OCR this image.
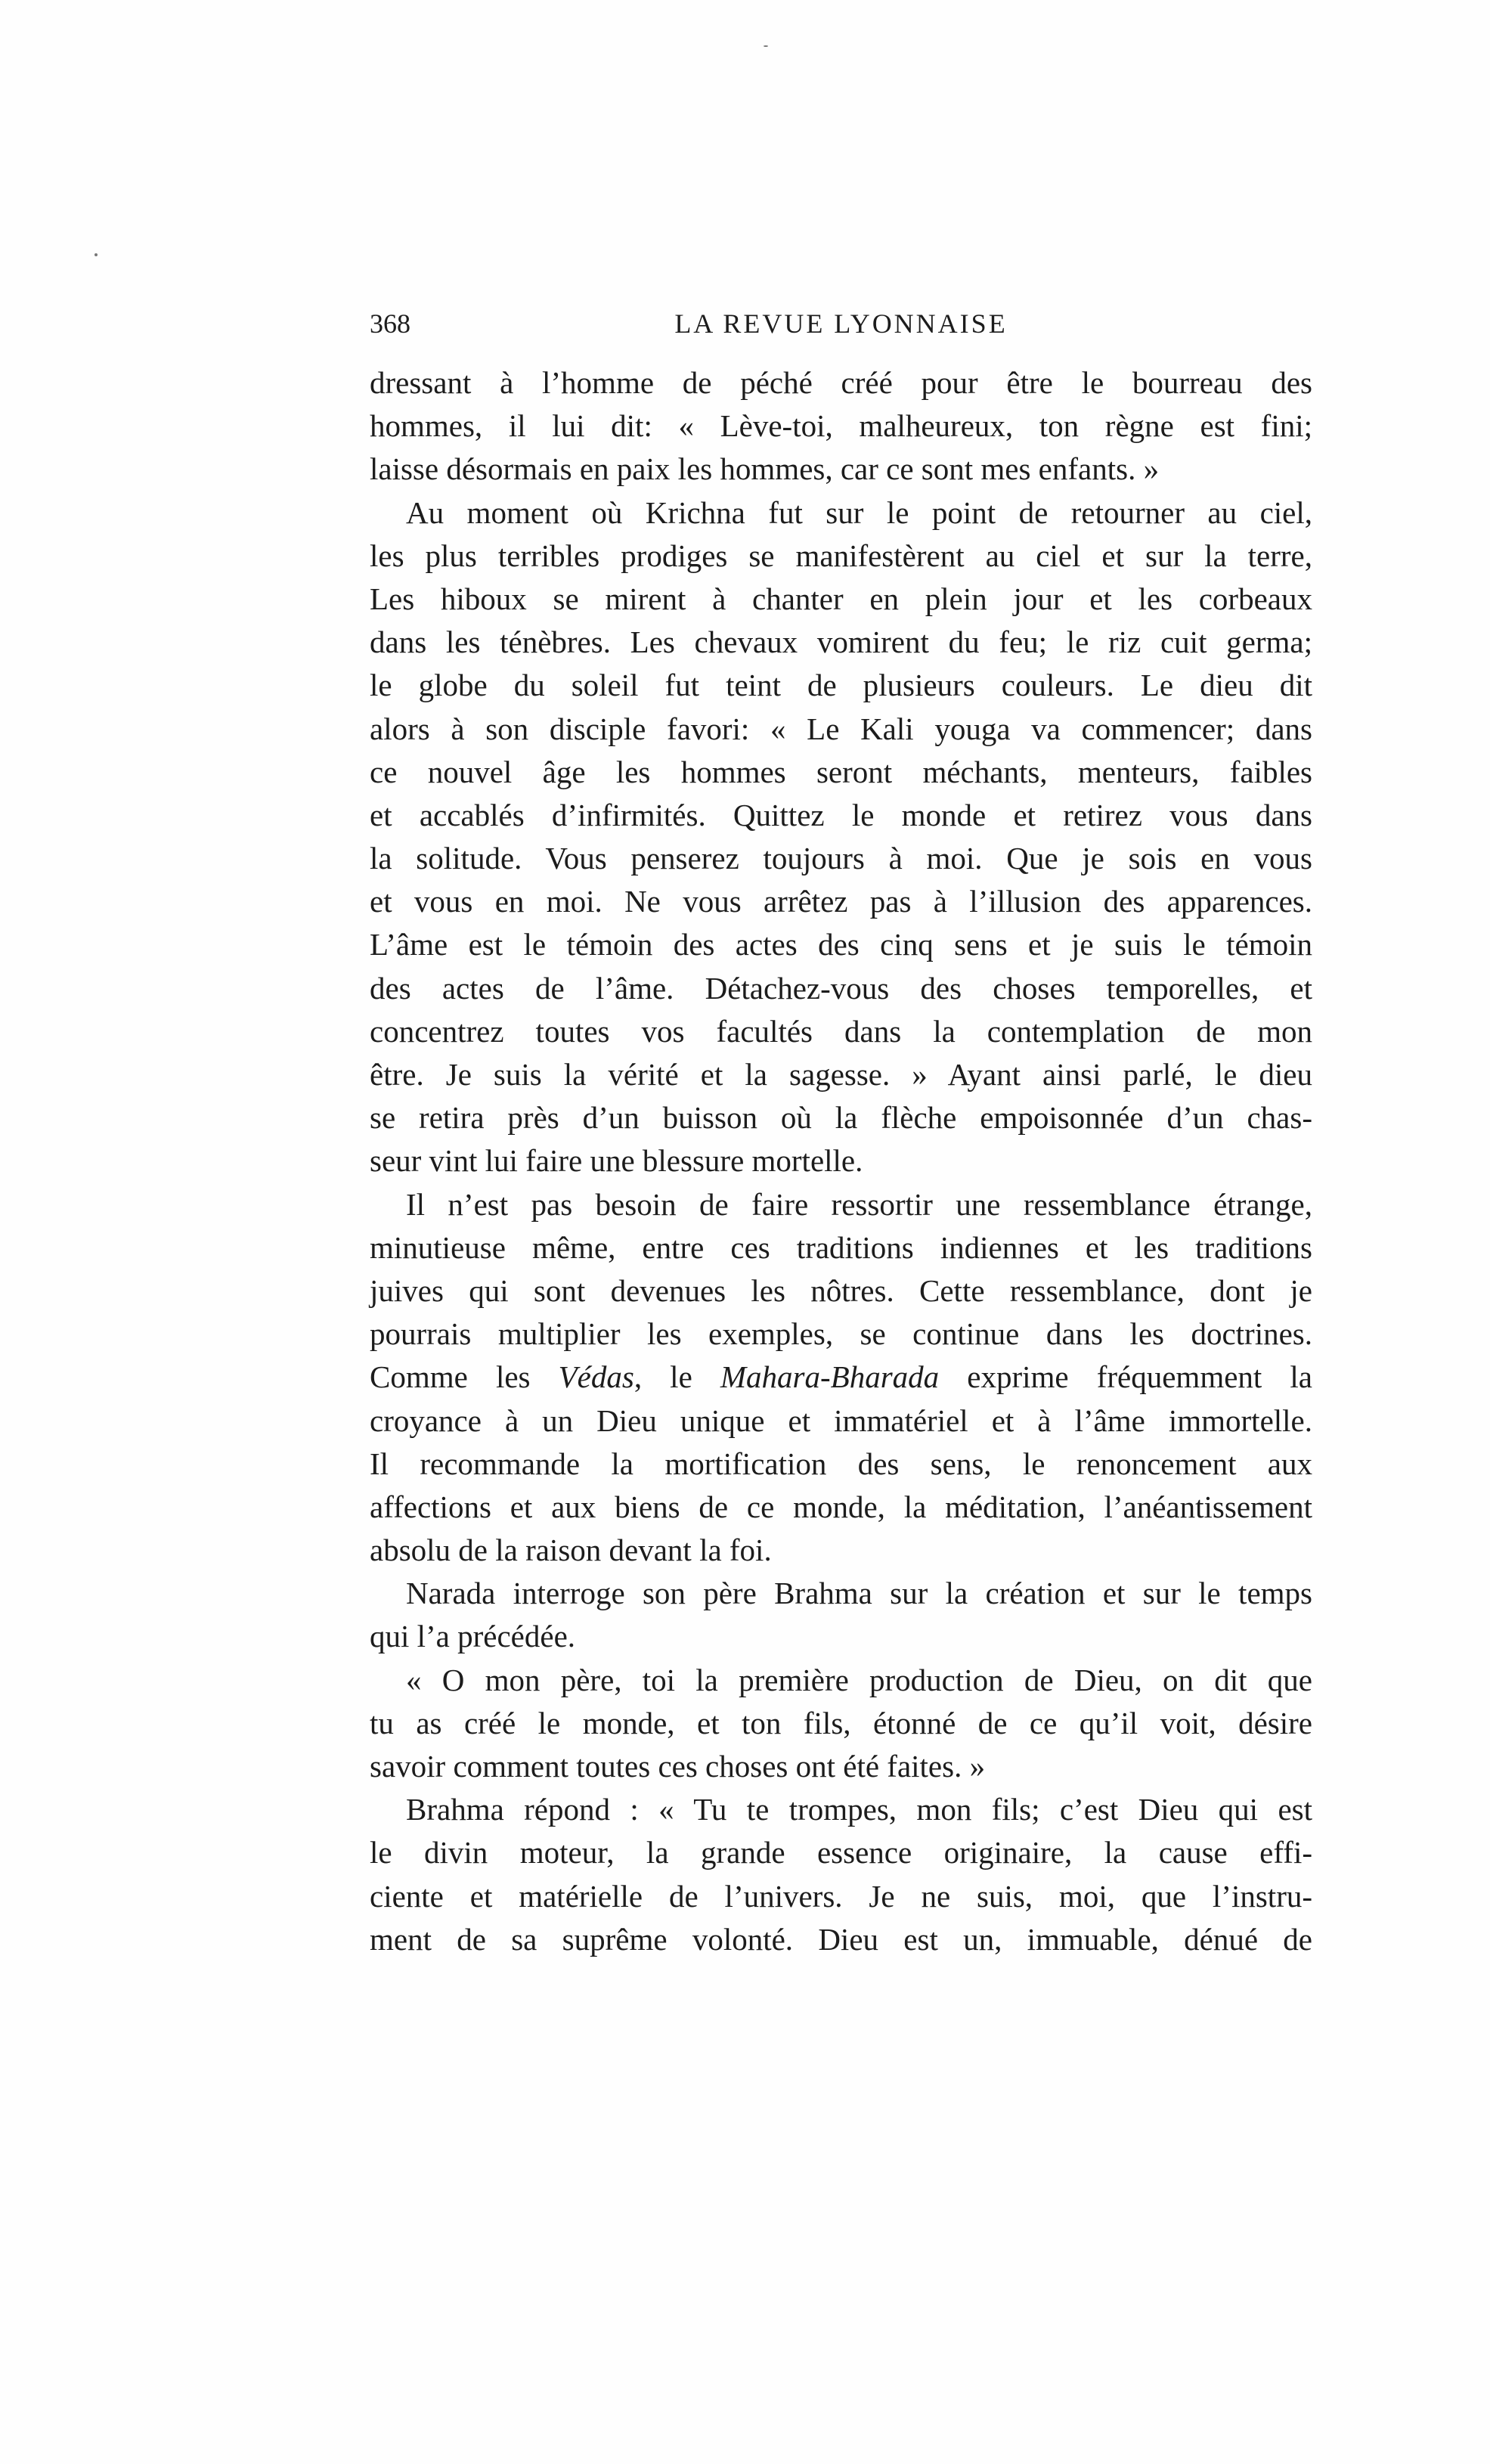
368	LA REVUE LYONNAISE
dressant à l’homme de péché créé pour être le bourreau des
hommes, il lui dit: « Lève-toi, malheureux, ton règne est fini;
laisse désormais en paix les hommes, car ce sont mes enfants. »
Au moment où Krichna fut sur le point de retourner au ciel,
les plus terribles prodiges se manifestèrent au ciel et sur la terre,
Les hiboux se mirent à chanter en plein jour et les corbeaux
dans les ténèbres. Les chevaux vomirent du feu; le riz cuit germa;
le globe du soleil fut teint de plusieurs couleurs. Le dieu dit
alors à son disciple favori: « Le Kali youga va commencer; dans
ce nouvel âge les hommes seront méchants, menteurs, faibles
et accablés d’infirmités. Quittez le monde et retirez vous dans
la solitude. Vous penserez toujours à moi. Que je sois en vous
et vous en moi. Ne vous arrêtez pas à l’illusion des apparences.
L’âme est le témoin des actes des cinq sens et je suis le témoin
des actes de l’âme. Détachez-vous des choses temporelles, et
concentrez toutes vos facultés dans la contemplation de mon
être. Je suis la vérité et la sagesse. » Ayant ainsi parlé, le dieu
se retira près d’un buisson où la flèche empoisonnée d’un chas-
seur vint lui faire une blessure mortelle.
Il n’est pas besoin de faire ressortir une ressemblance étrange,
minutieuse même, entre ces traditions indiennes et les traditions
juives qui sont devenues les nôtres. Cette ressemblance, dont je
pourrais multiplier les exemples, se continue dans les doctrines.
Comme les Védas, le Mahara-Bharada exprime fréquemment la
croyance à un Dieu unique et immatériel et à l’âme immortelle.
Il recommande la mortification des sens, le renoncement aux
affections et aux biens de ce monde, la méditation, l’anéantissement
absolu de la raison devant la foi.
Narada interroge son père Brahma sur la création et sur le temps
qui l’a précédée.
« O mon père, toi la première production de Dieu, on dit que
tu as créé le monde, et ton fils, étonné de ce qu’il voit, désire
savoir comment toutes ces choses ont été faites. »
Brahma répond : « Tu te trompes, mon fils; c’est Dieu qui est
le divin moteur, la grande essence originaire, la cause effi-
ciente et matérielle de l’univers. Je ne suis, moi, que l’instru-
ment de sa suprême volonté. Dieu est un, immuable, dénué de
